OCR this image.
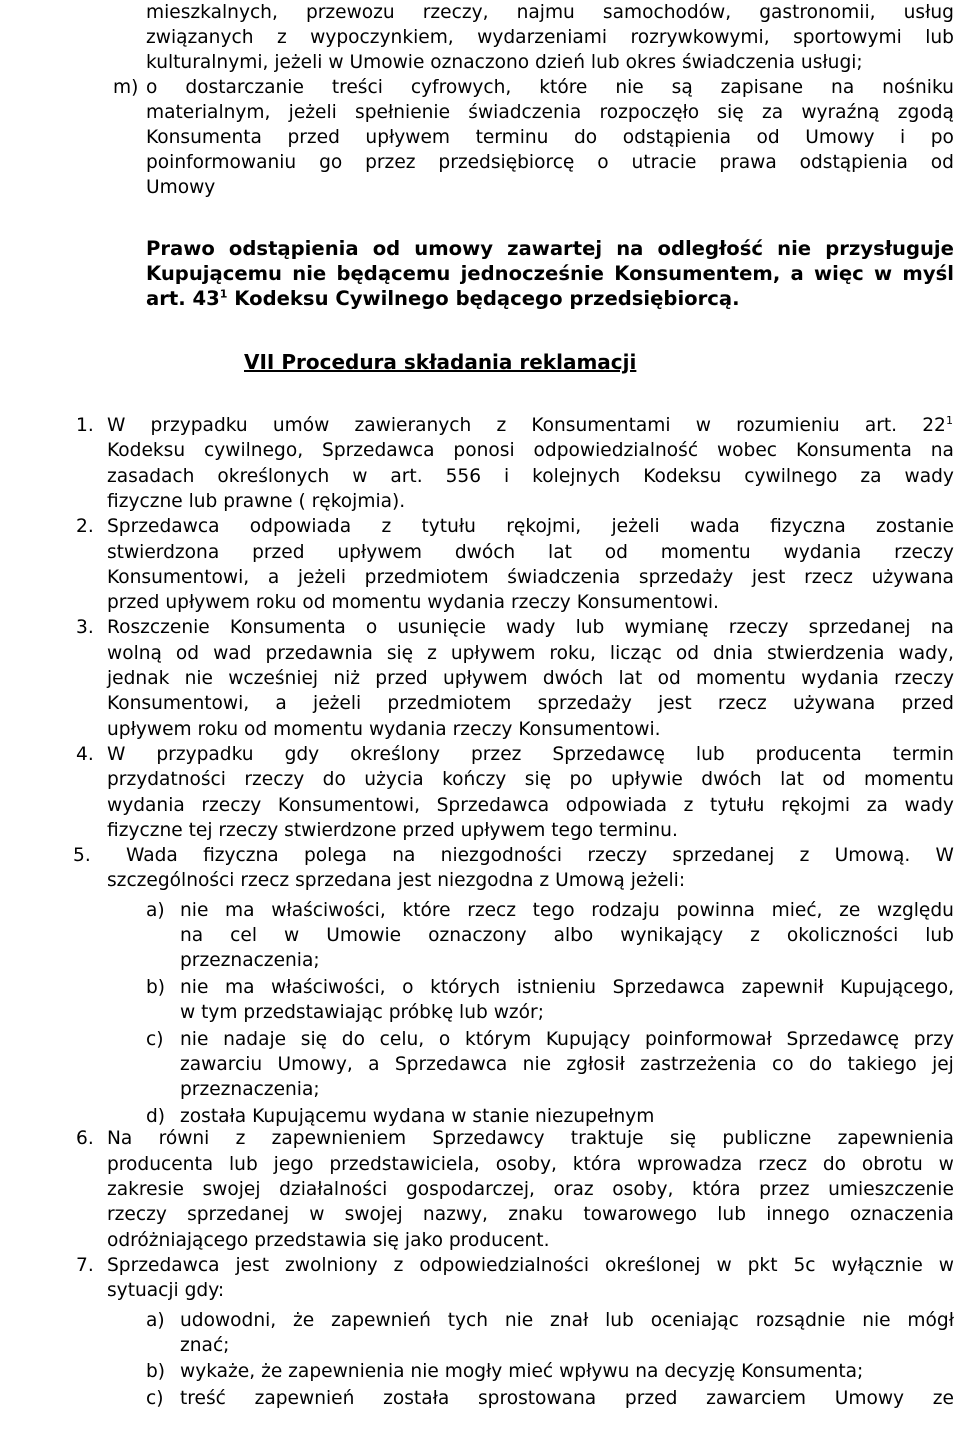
mieszkalnych, przewozu rzeczy, najmu samochodów, gastronomii, usług
związanych z wypoczynkiem, wydarzeniami rozrywkowymi, sportowymi lub
kulturalnymi, jeżeli w Umowie oznaczono dzień lub okres świadczenia usługi;
m) o dostarczanie treści cyfrowych, które nie są zapisane na nośniku
materialnym, jeżeli spełnienie świadczenia rozpoczęło się za wyraźną zgodą
Konsumenta przed upływem terminu do odstąpienia od Umowy i po
poinformowaniu go przez przedsiębiorcę o utracie prawa odstąpienia od
Umowy
Prawo odstąpienia od umowy zawartej na odległość nie przysługuje
Kupującemu nie będącemu jednocześnie Konsumentem, a więc w myśl
art. $43^1$ Kodeksu Cywilnego będącego przedsiębiorcą.
VII Procedura składania reklamacji
1. W przypadku umów zawieranych z Konsumentami w rozumieniu art. 22 1
Kodeksu cywilnego, Sprzedawca ponosi odpowiedzialność wobec Konsumenta na
zasadach określonych w art. 556 i kolejnych Kodeksu cywilnego za wady
fizyczne lub prawne ( rękojmia).
2. Sprzedawca odpowiada z tytułu rękojmi, jeżeli wada fizyczna zostanie
stwierdzona przed upływem dwóch lat od momentu wydania rzeczy
Konsumentowi, a jeżeli przedmiotem świadczenia sprzedaży jest rzecz używana
przed upływem roku od momentu wydania rzeczy Konsumentowi.
3. Roszczenie Konsumenta o usunięcie wady lub wymianę rzeczy sprzedanej na
wolną od wad przedawnia się z upływem roku, licząc od dnia stwierdzenia wady,
jednak nie wcześniej niż przed upływem dwóch lat od momentu wydania rzeczy
Konsumentowi, a jeżeli przedmiotem sprzedaży jest rzecz używana przed
upływem roku od momentu wydania rzeczy Konsumentowi.
4. W przypadku gdy określony przez Sprzedawcę lub producenta termin
przydatności rzeczy do użycia kończy się po upływie dwóch lat od momentu
wydania rzeczy Konsumentowi, Sprzedawca odpowiada z tytułu rękojmi za wady
fizyczne tej rzeczy stwierdzone przed upływem tego terminu.
5. Wada fizyczna polega na niezgodności rzeczy sprzedanej z Umową. W
szczególności rzecz sprzedana jest niezgodna z Umową jeżeli:
a) nie ma właściwości, które rzecz tego rodzaju powinna mieć, ze względu
na cel w Umowie oznaczony albo wynikający z okoliczności lub
przeznaczenia;
b) nie ma właściwości, o których istnieniu Sprzedawca zapewnił Kupującego,
w tym przedstawiając próbkę lub wzór;
c) nie nadaje się do celu, o którym Kupujący poinformował Sprzedawcę przy
zawarciu Umowy, a Sprzedawca nie zgłosił zastrzeżenia co do takiego jej
przeznaczenia;
d) została Kupującemu wydana w stanie niezupełnym
6. Na równi z zapewnieniem Sprzedawcy traktuje się publiczne zapewnienia
producenta lub jego przedstawiciela, osoby, która wprowadza rzecz do obrotu w
zakresie swojej działalności gospodarczej, oraz osoby, która przez umieszczenie
rzeczy sprzedanej w swojej nazwy, znaku towarowego lub innego oznaczenia
odróżniającego przedstawia się jako producent.
7. Sprzedawca jest zwolniony z odpowiedzialności określonej w pkt 5c wyłącznie w
sytuacji gdy:
a) udowodni, że zapewnień tych nie znał lub oceniając rozsądnie nie mógł
znać;
b) wykaże, że zapewnienia nie mogły mieć wpływu na decyzję Konsumenta;
c) treść zapewnień została sprostowana przed zawarciem Umowy ze
